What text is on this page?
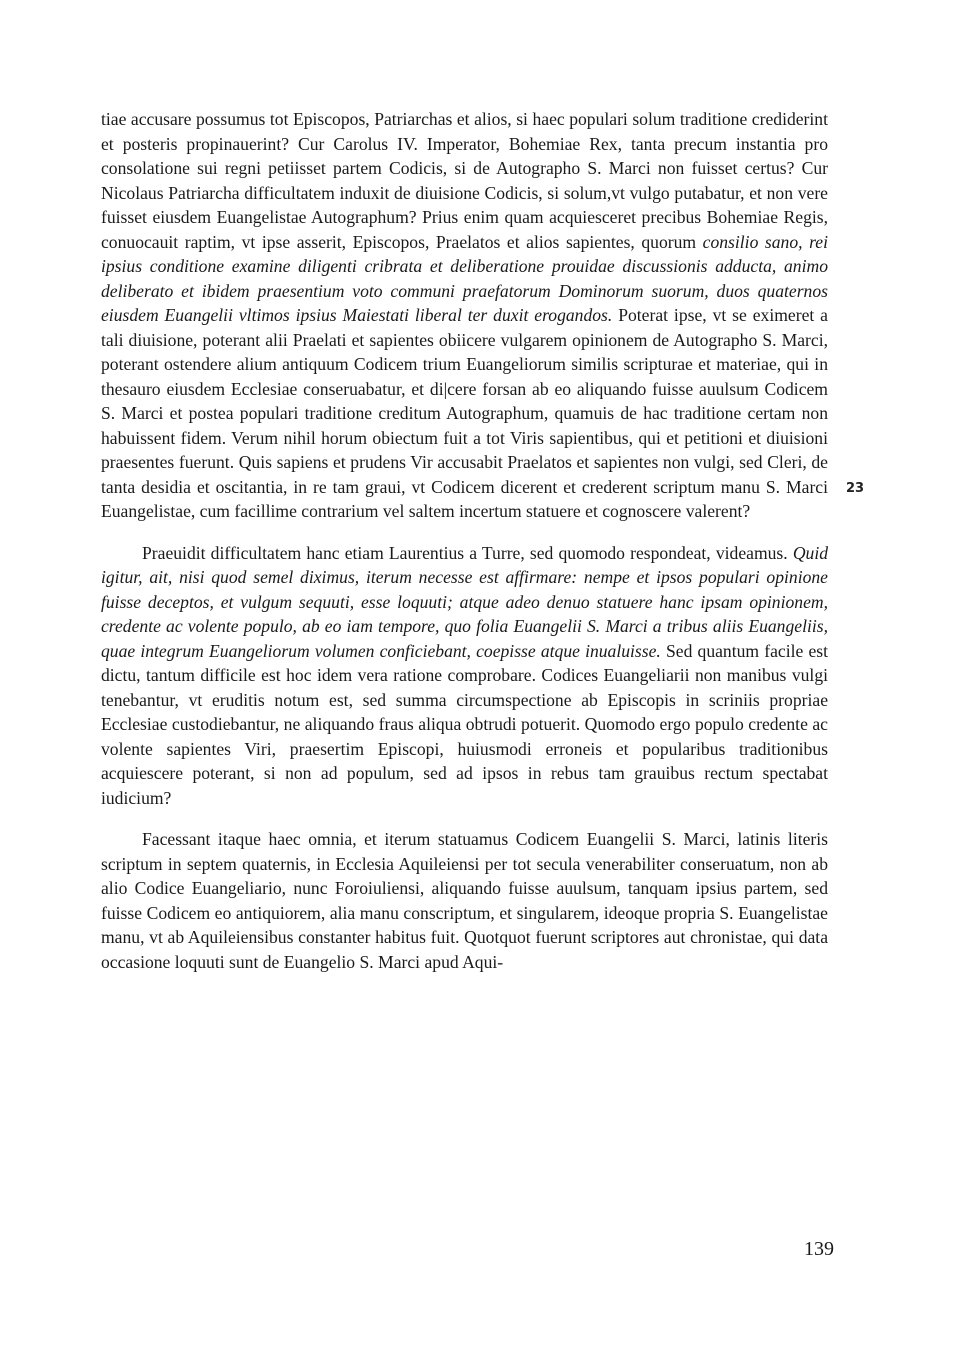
tiae accusare possumus tot Episcopos, Patriarchas et alios, si haec populari solum traditione crediderint et posteris propinauerint? Cur Carolus IV. Imperator, Bohemiae Rex, tanta precum instantia pro consolatione sui regni petiisset partem Codicis, si de Autographo S. Marci non fuisset certus? Cur Nicolaus Patriarcha difficultatem induxit de diuisione Codicis, si solum,vt vulgo putabatur, et non vere fuisset eiusdem Euangelistae Autographum? Prius enim quam acquiesceret precibus Bohemiae Regis, conuocauit raptim, vt ipse asserit, Episcopos, Praelatos et alios sapientes, quorum consilio sano, rei ipsius conditione examine diligenti cribrata et deliberatione prouidae discussionis adducta, animo deliberato et ibidem praesentium voto communi praefatorum Dominorum suorum, duos quaternos eiusdem Euangelii vltimos ipsius Maiestati liberal ter duxit erogandos. Poterat ipse, vt se eximeret a tali diuisione, poterant alii Praelati et sapientes obiicere vulgarem opinionem de Autographo S. Marci, poterant ostendere alium antiquum Codicem trium Euangeliorum similis scripturae et materiae, qui in thesauro eiusdem Ecclesiae conseruabatur, et di|cere forsan ab eo aliquando fuisse auulsum Codicem S. Marci et postea populari traditione creditum Autographum, quamuis de hac traditione certam non habuissent fidem. Verum nihil horum obiectum fuit a tot Viris sapientibus, qui et petitioni et diuisioni praesentes fuerunt. Quis sapiens et prudens Vir accusabit Praelatos et sapientes non vulgi, sed Cleri, de tanta desidia et oscitantia, in re tam graui, vt Codicem dicerent et crederent scriptum manu S. Marci Euangelistae, cum facillime contrarium vel saltem incertum statuere et cognoscere valerent?

Praeuidit difficultatem hanc etiam Laurentius a Turre, sed quomodo respondeat, videamus. Quid igitur, ait, nisi quod semel diximus, iterum necesse est affirmare: nempe et ipsos populari opinione fuisse deceptos, et vulgum sequuti, esse loquuti; atque adeo denuo statuere hanc ipsam opinionem, credente ac volente populo, ab eo iam tempore, quo folia Euangelii S. Marci a tribus aliis Euangeliis, quae integrum Euangeliorum volumen conficiebant, coepisse atque inualuisse. Sed quantum facile est dictu, tantum difficile est hoc idem vera ratione comprobare. Codices Euangeliarii non manibus vulgi tenebantur, vt eruditis notum est, sed summa circumspectione ab Episcopis in scriniis propriae Ecclesiae custodiebantur, ne aliquando fraus aliqua obtrudi potuerit. Quomodo ergo populo credente ac volente sapientes Viri, praesertim Episcopi, huiusmodi erroneis et popularibus traditionibus acquiescere poterant, si non ad populum, sed ad ipsos in rebus tam grauibus rectum spectabat iudicium?

Facessant itaque haec omnia, et iterum statuamus Codicem Euangelii S. Marci, latinis literis scriptum in septem quaternis, in Ecclesia Aquileiensi per tot secula venerabiliter conseruatum, non ab alio Codice Euangeliario, nunc Foroiuliensi, aliquando fuisse auulsum, tanquam ipsius partem, sed fuisse Codicem eo antiquiorem, alia manu conscriptum, et singularem, ideoque propria S. Euangelistae manu, vt ab Aquileiensibus constanter habitus fuit. Quotquot fuerunt scriptores aut chronistae, qui data occasione loquuti sunt de Euangelio S. Marci apud Aqui-

23
139
